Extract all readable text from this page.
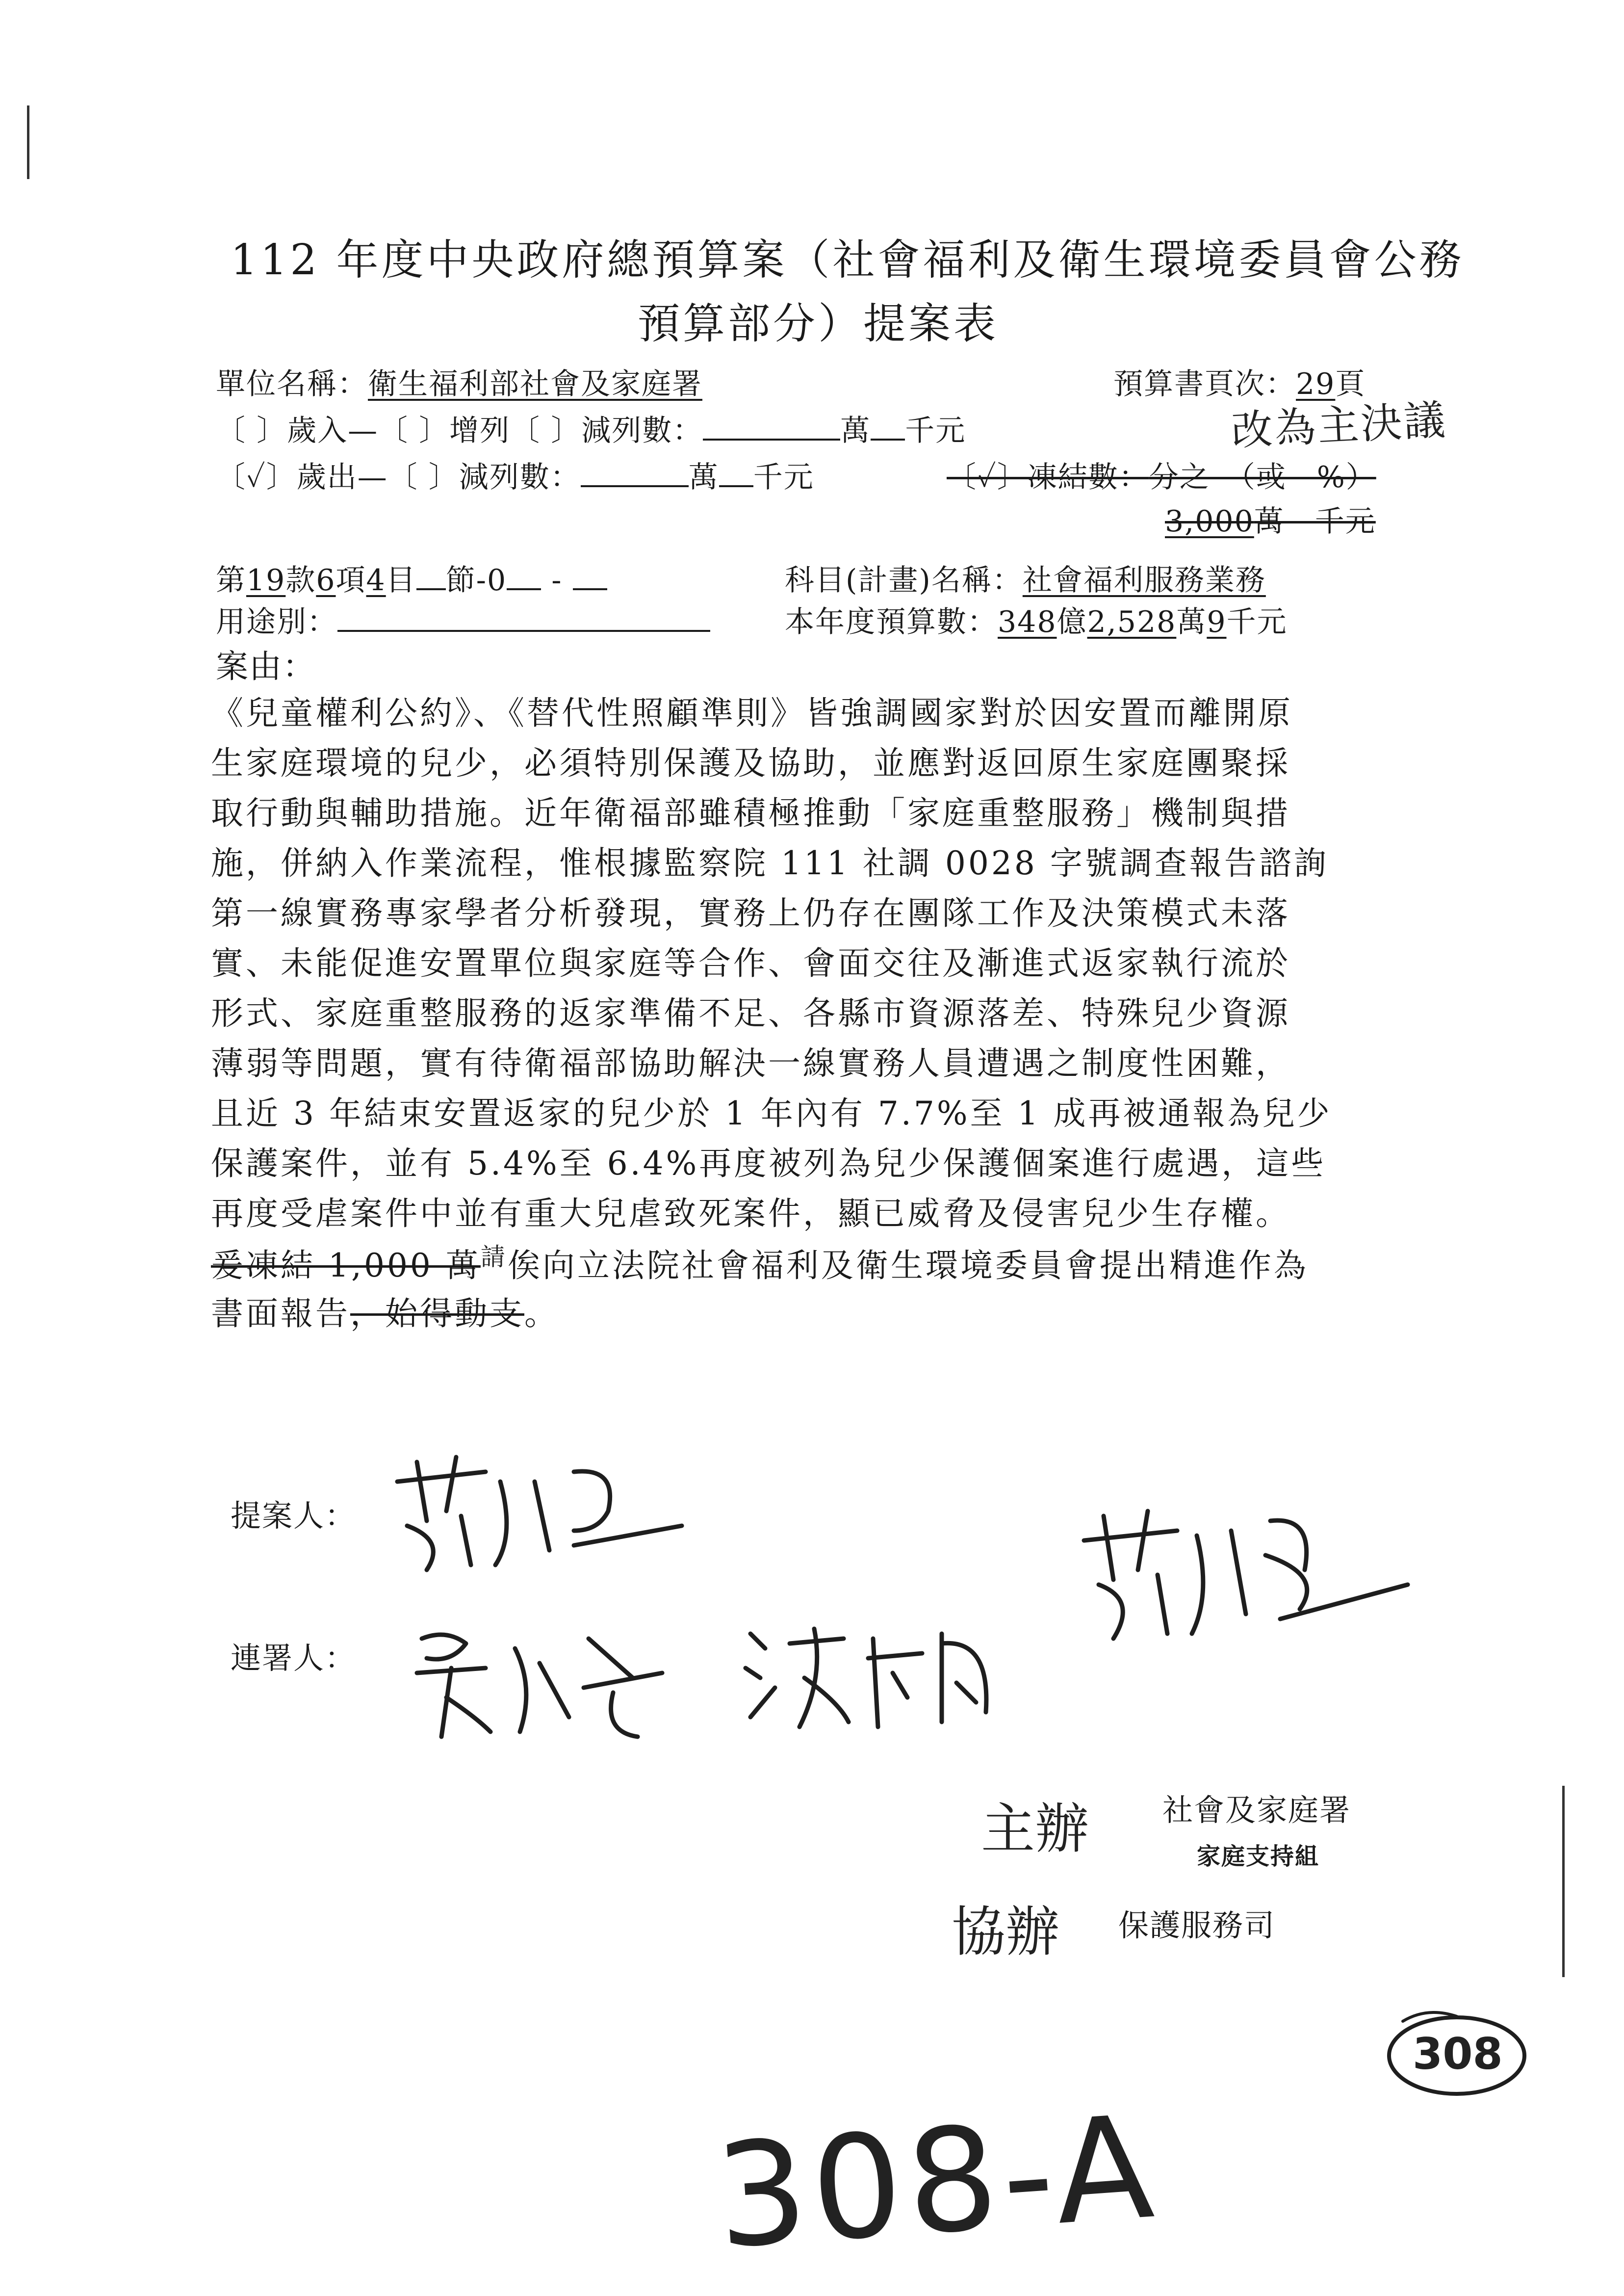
112 年度中央政府總預算案（社會福利及衛生環境委員會公務
預算部分）提案表
單位名稱：衛生福利部社會及家庭署	預算書頁次：29頁
〔 〕歲入—〔 〕增列〔 〕減列數：	萬 千元	改為主決議
〔✓〕歲出—〔 〕減列數：	萬 千元	〔✓〕凍結數：分之　（或　%）
3,000萬　千元
第19款6項4目 節-0 -	科目(計畫)名稱：社會福利服務業務
用途別：	本年度預算數：348億2,528萬9千元
案由：
《兒童權利公約》、《替代性照顧準則》皆強調國家對於因安置而離開原
生家庭環境的兒少，必須特別保護及協助，並應對返回原生家庭團聚採
取行動與輔助措施。近年衛福部雖積極推動「家庭重整服務」機制與措
施，併納入作業流程，惟根據監察院 111 社調 0028 字號調查報告諮詢
第一線實務專家學者分析發現，實務上仍存在團隊工作及決策模式未落
實、未能促進安置單位與家庭等合作、會面交往及漸進式返家執行流於
形式、家庭重整服務的返家準備不足、各縣市資源落差、特殊兒少資源
薄弱等問題，實有待衛福部協助解決一線實務人員遭遇之制度性困難，
且近 3 年結束安置返家的兒少於 1 年內有 7.7%至 1 成再被通報為兒少
保護案件，並有 5.4%至 6.4%再度被列為兒少保護個案進行處遇，這些
再度受虐案件中並有重大兒虐致死案件，顯已威脅及侵害兒少生存權。
爰凍結 1,000 萬$^請$俟向立法院社會福利及衛生環境委員會提出精進作為
書面報告，始得動支。
提案人：
連署人：
主辦 社會及家庭署
家庭支持組
協辦 保護服務司
308
308-A
